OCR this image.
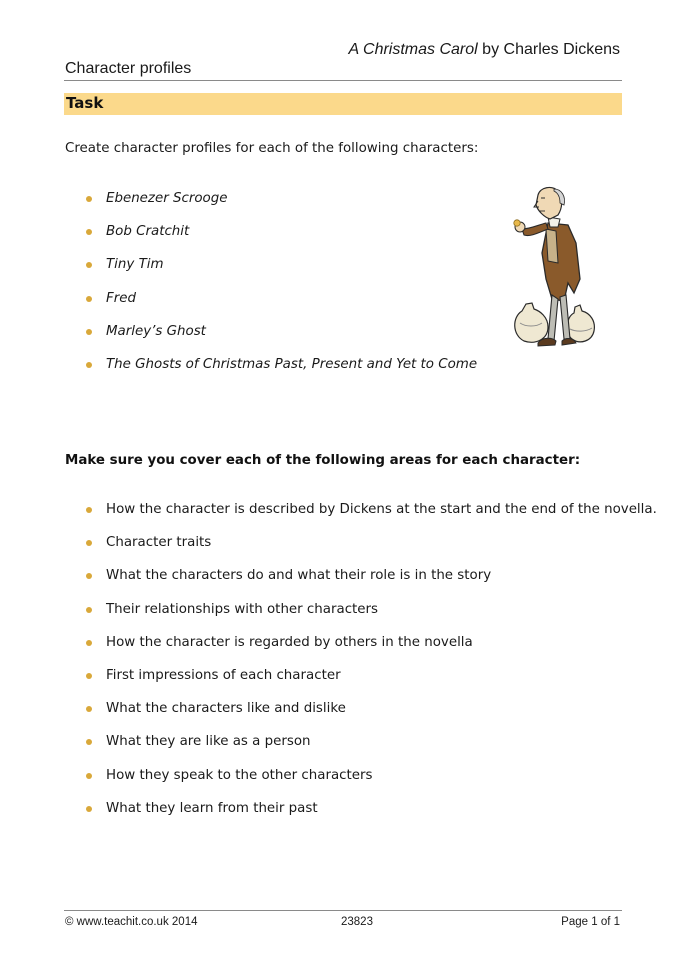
A Christmas Carol by Charles Dickens
Character profiles
Task
Create character profiles for each of the following characters:
Ebenezer Scrooge
Bob Cratchit
Tiny Tim
Fred
Marley’s Ghost
The Ghosts of Christmas Past, Present and Yet to Come
Make sure you cover each of the following areas for each character:
How the character is described by Dickens at the start and the end of the novella.
Character traits
What the characters do and what their role is in the story
Their relationships with other characters
How the character is regarded by others in the novella
First impressions of each character
What the characters like and dislike
What they are like as a person
How they speak to the other characters
What they learn from their past
© www.teachit.co.uk 2014	23823	Page 1 of 1
